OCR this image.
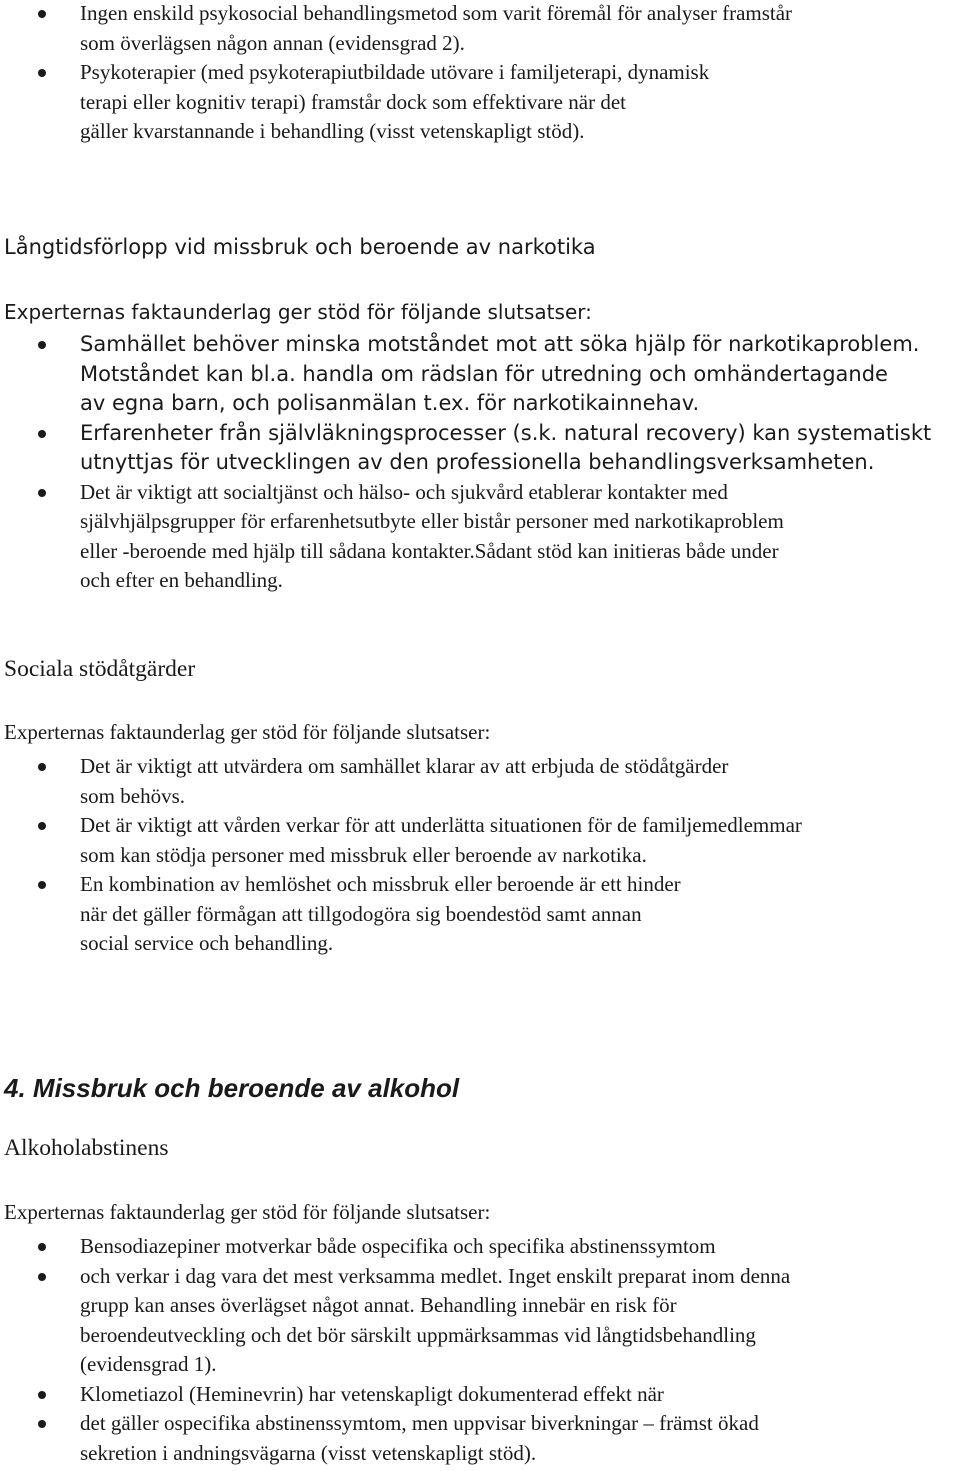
Ingen enskild psykosocial behandlingsmetod som varit föremål för analyser framstår
som överlägsen någon annan (evidensgrad 2).
Psykoterapier (med psykoterapiutbildade utövare i familjeterapi, dynamisk
terapi eller kognitiv terapi) framstår dock som effektivare när det
gäller kvarstannande i behandling (visst vetenskapligt stöd).
Långtidsförlopp vid missbruk och beroende av narkotika
Experternas faktaunderlag ger stöd för följande slutsatser:
Samhället behöver minska motståndet mot att söka hjälp för narkotikaproblem.
Motståndet kan bl.a. handla om rädslan för utredning och omhändertagande
av egna barn, och polisanmälan t.ex. för narkotikainnehav.
Erfarenheter från självläkningsprocesser (s.k. natural recovery) kan systematiskt
utnyttjas för utvecklingen av den professionella behandlingsverksamheten.
Det är viktigt att socialtjänst och hälso- och sjukvård etablerar kontakter med
självhjälpsgrupper för erfarenhetsutbyte eller bistår personer med narkotikaproblem
eller -beroende med hjälp till sådana kontakter.Sådant stöd kan initieras både under
och efter en behandling.
Sociala stödåtgärder
Experternas faktaunderlag ger stöd för följande slutsatser:
Det är viktigt att utvärdera om samhället klarar av att erbjuda de stödåtgärder
som behövs.
Det är viktigt att vården verkar för att underlätta situationen för de familjemedlemmar
som kan stödja personer med missbruk eller beroende av narkotika.
En kombination av hemlöshet och missbruk eller beroende är ett hinder
när det gäller förmågan att tillgodogöra sig boendestöd samt annan
social service och behandling.
4. Missbruk och beroende av alkohol
Alkoholabstinens
Experternas faktaunderlag ger stöd för följande slutsatser:
Bensodiazepiner motverkar både ospecifika och specifika abstinenssymtom
och verkar i dag vara det mest verksamma medlet. Inget enskilt preparat inom denna
grupp kan anses överlägset något annat. Behandling innebär en risk för
beroendeutveckling och det bör särskilt uppmärksammas vid långtidsbehandling
(evidensgrad 1).
Klometiazol (Heminevrin) har vetenskapligt dokumenterad effekt när
det gäller ospecifika abstinenssymtom, men uppvisar biverkningar – främst ökad
sekretion i andningsvägarna (visst vetenskapligt stöd).
